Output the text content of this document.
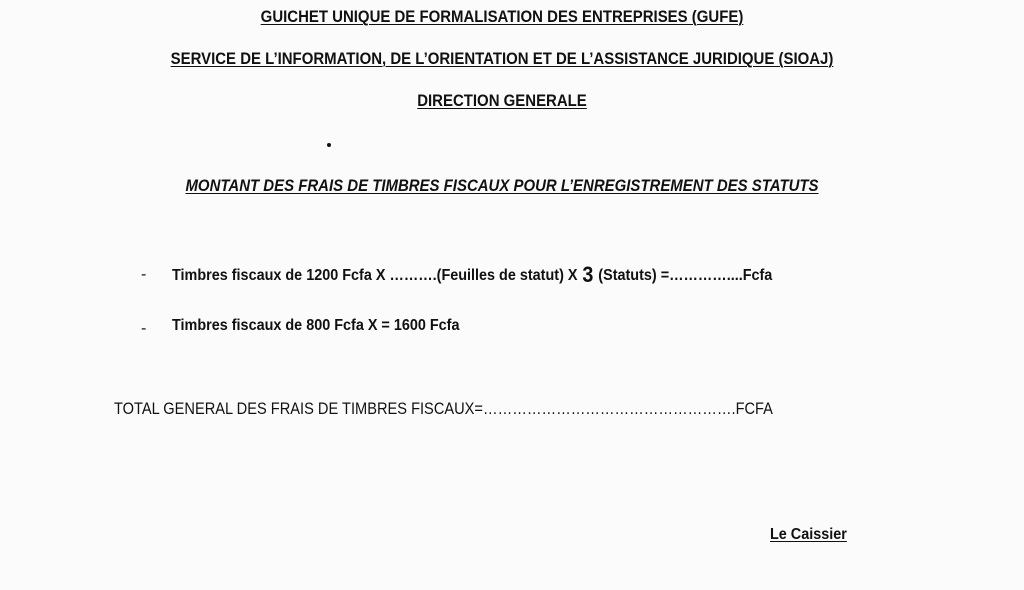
GUICHET UNIQUE DE FORMALISATION DES ENTREPRISES (GUFE)
SERVICE DE L’INFORMATION, DE L’ORIENTATION ET DE L’ASSISTANCE JURIDIQUE (SIOAJ)
DIRECTION GENERALE
MONTANT DES FRAIS DE TIMBRES FISCAUX POUR L’ENREGISTREMENT DES STATUTS
- Timbres fiscaux de 1200 Fcfa X ……….(Feuilles de statut) X 3 (Statuts) =…………....Fcfa
- Timbres fiscaux de 800 Fcfa X = 1600 Fcfa
TOTAL GENERAL DES FRAIS DE TIMBRES FISCAUX=…………………………………………….FCFA
Le Caissier
